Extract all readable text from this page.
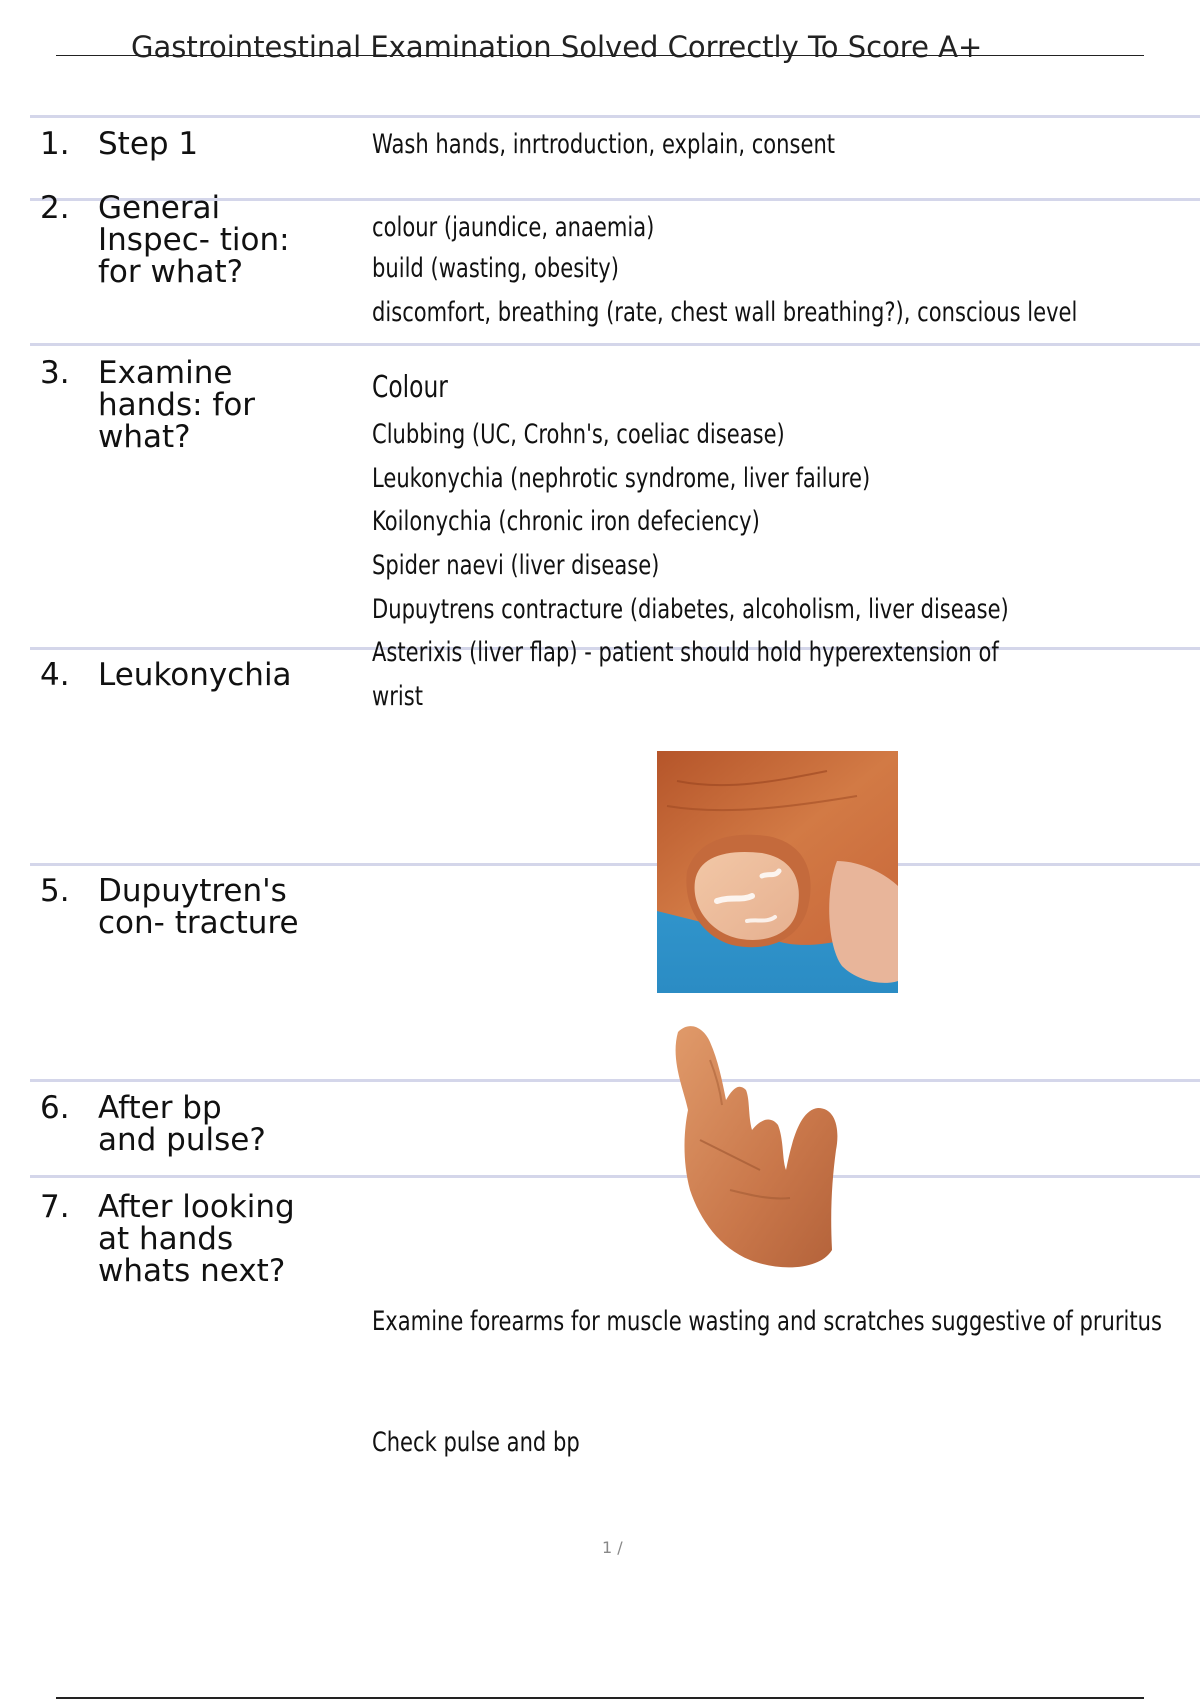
Gastrointestinal Examination Solved Correctly To Score A+
1. Step 1
2. Generai
Inspec- tion:
for what?
3. Examine
hands: for
what?
4. Leukonychia
5. Dupuytren's
con- tracture
6. After bp
and pulse?
7. After looking
at hands
whats next?
Wash hands, inrtroduction, explain, consent
colour (jaundice, anaemia)
build (wasting, obesity)
discomfort, breathing (rate, chest wall breathing?), conscious level
Colour
Clubbing (UC, Crohn's, coeliac disease)
Leukonychia (nephrotic syndrome, liver failure)
Koilonychia (chronic iron defeciency)
Spider naevi (liver disease)
Dupuytrens contracture (diabetes, alcoholism, liver disease)
Asterixis (liver flap) - patient should hold hyperextension of
wrist
Examine forearms for muscle wasting and scratches suggestive of pruritus
Check pulse and bp
1 /
